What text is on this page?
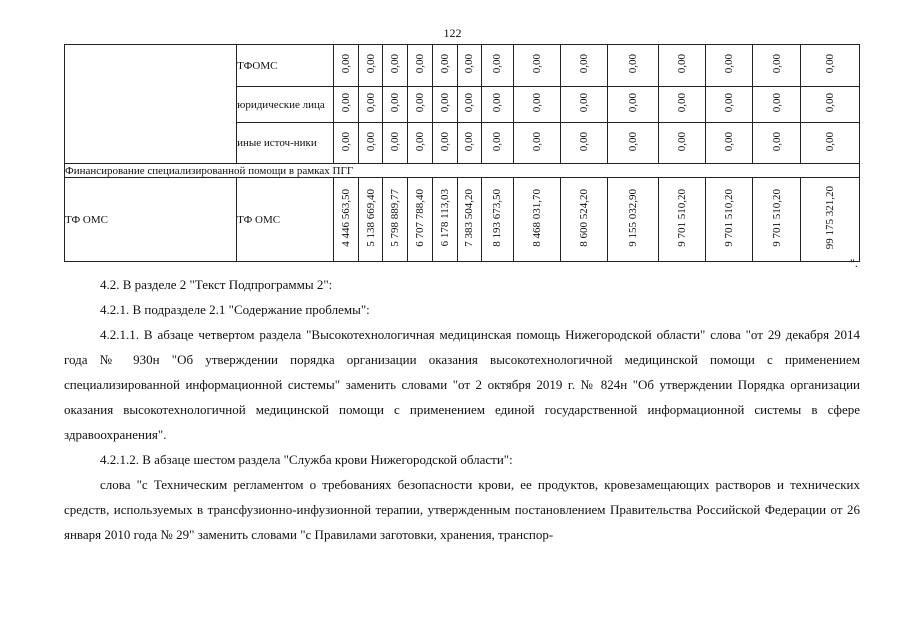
122
	ТФОМС	0,00	0,00	0,00	0,00	0,00	0,00	0,00	0,00	0,00	0,00	0,00	0,00	0,00	0,00
	юридические лица	0,00	0,00	0,00	0,00	0,00	0,00	0,00	0,00	0,00	0,00	0,00	0,00	0,00	0,00
	иные источ-ники	0,00	0,00	0,00	0,00	0,00	0,00	0,00	0,00	0,00	0,00	0,00	0,00	0,00	0,00
Финансирование специализированной помощи в рамках ПГГ															
ТФ ОМС	ТФ ОМС	4 446 563,50	5 138 669,40	5 798 889,77	6 707 788,40	6 178 113,03	7 383 504,20	8 193 673,50	8 468 031,70	8 600 524,20	9 155 032,90	9 701 510,20	9 701 510,20	9 701 510,20	99 175 321,20
".

4.2. В разделе 2 "Текст Подпрограммы 2":

4.2.1. В подразделе 2.1 "Содержание проблемы":

4.2.1.1. В абзаце четвертом раздела "Высокотехнологичная медицинская помощь Нижегородской области" слова "от 29 декабря 2014 года № 930н "Об утверждении порядка организации оказания высокотехнологичной медицинской помощи с применением специализированной информационной системы" заменить словами "от 2 октября 2019 г. № 824н "Об утверждении Порядка организации оказания высокотехнологичной медицинской помощи с применением единой государственной информационной системы в сфере здравоохранения".

4.2.1.2. В абзаце шестом раздела "Служба крови Нижегородской области":

слова "с Техническим регламентом о требованиях безопасности крови, ее продуктов, кровезамещающих растворов и технических средств, используемых в трансфузионно-инфузионной терапии, утвержденным постановлением Правительства Российской Федерации от 26 января 2010 года № 29" заменить словами "с Правилами заготовки, хранения, транспор-
